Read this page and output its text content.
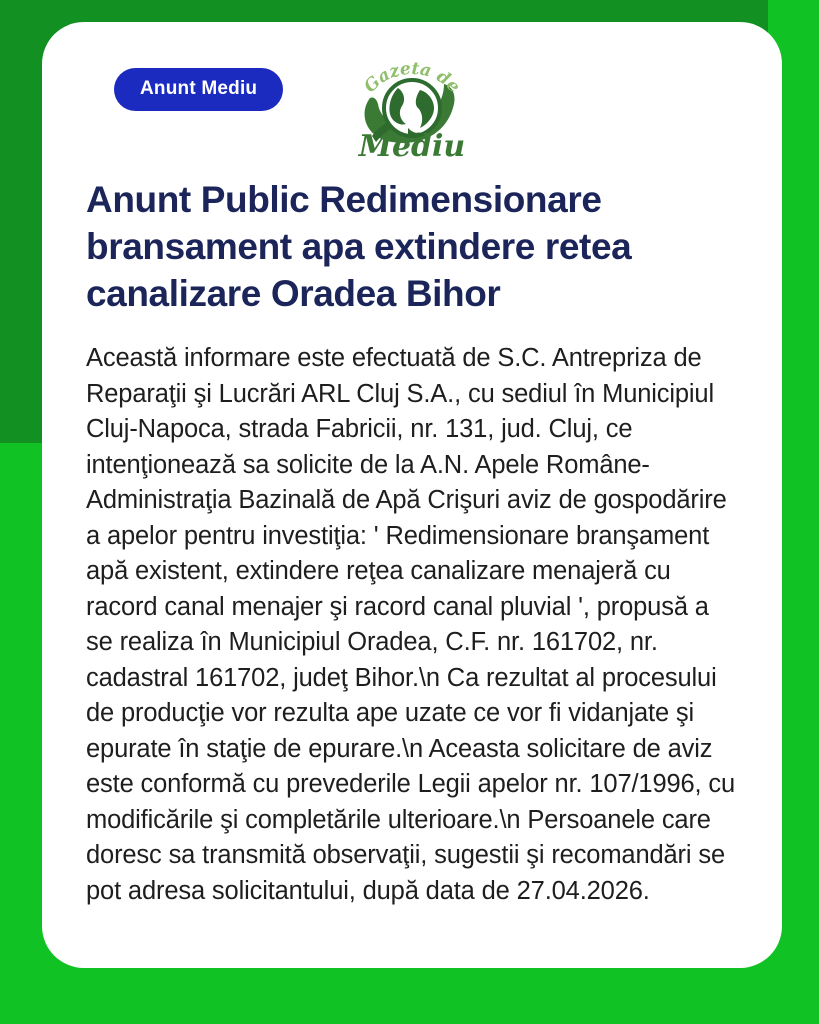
Anunt Mediu	Gazeta de
Mediu
Anunt Public Redimensionare bransament apa extindere retea canalizare Oradea Bihor

Această informare este efectuată de S.C. Antrepriza de Reparaţii şi Lucrări ARL Cluj S.A., cu sediul în Municipiul Cluj-Napoca, strada Fabricii, nr. 131, jud. Cluj, ce intenţionează sa solicite de la A.N. Apele Române-Administraţia Bazinală de Apă Crişuri aviz de gospodărire a apelor pentru investiţia: ' Redimensionare branşament apă existent, extindere reţea canalizare menajeră cu racord canal menajer şi racord canal pluvial ', propusă a se realiza în Municipiul Oradea, C.F. nr. 161702, nr. cadastral 161702, judeţ Bihor.\n Ca rezultat al procesului de producţie vor rezulta ape uzate ce vor fi vidanjate şi epurate în staţie de epurare.\n Aceasta solicitare de aviz este conformă cu prevederile Legii apelor nr. 107/1996, cu modificările şi completările ulterioare.\n Persoanele care doresc sa transmită observaţii, sugestii şi recomandări se pot adresa solicitantului, după data de 27.04.2026.
